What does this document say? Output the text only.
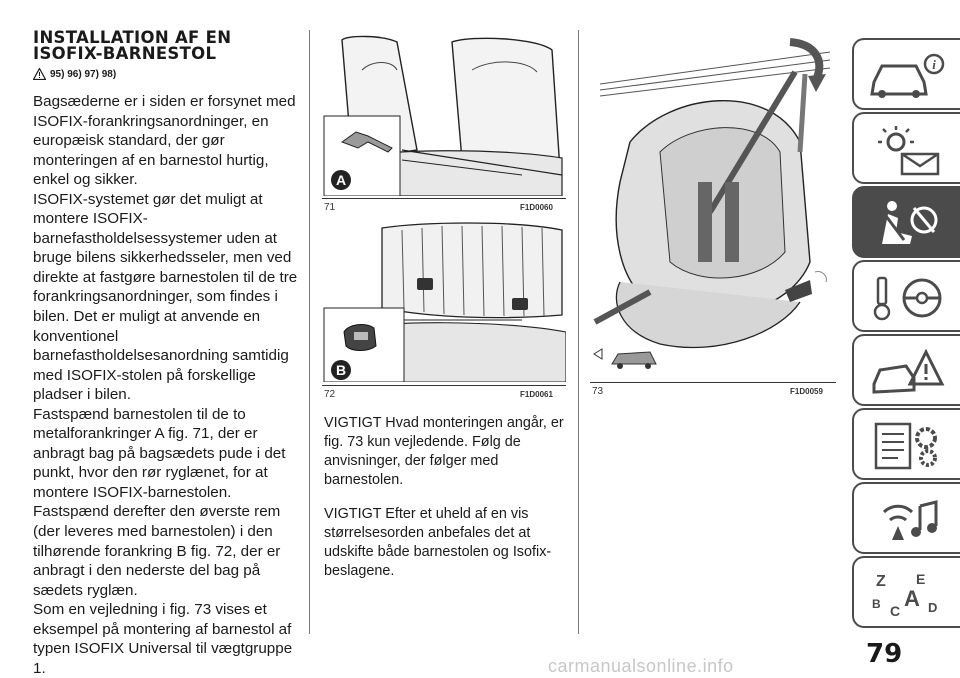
INSTALLATION AF EN
ISOFIX-BARNESTOL
95) 96) 97) 98)

Bagsæderne er i siden er forsynet med ISOFIX-forankringsanordninger, en europæisk standard, der gør monteringen af en barnestol hurtig, enkel og sikker.

ISOFIX-systemet gør det muligt at montere ISOFIX-barnefastholdelsessystemer uden at bruge bilens sikkerhedsseler, men ved direkte at fastgøre barnestolen til de tre forankringsanordninger, som findes i bilen. Det er muligt at anvende en konventionel barnefastholdelsesanordning samtidig med ISOFIX-stolen på forskellige pladser i bilen.

Fastspænd barnestolen til de to metalforankringer A fig. 71, der er anbragt bag på bagsædets pude i det punkt, hvor den rør ryglænet, for at montere ISOFIX-barnestolen.

Fastspænd derefter den øverste rem (der leveres med barnestolen) i den tilhørende forankring B fig. 72, der er anbragt i den nederste del bag på sædets ryglæn.

Som en vejledning i fig. 73 vises et eksempel på montering af barnestol af typen ISOFIX Universal til vægtgruppe 1.

A
71	F1D0060
B
72	F1D0061

VIGTIGT Hvad monteringen angår, er fig. 73 kun vejledende. Følg de anvisninger, der følger med barnestolen.

VIGTIGT Efter et uheld af en vis størrelsesorden anbefales det at udskifte både barnestolen og Isofix-beslagene.

73	F1D0059
i
Z E
B C A D
79
carmanualsonline.info
